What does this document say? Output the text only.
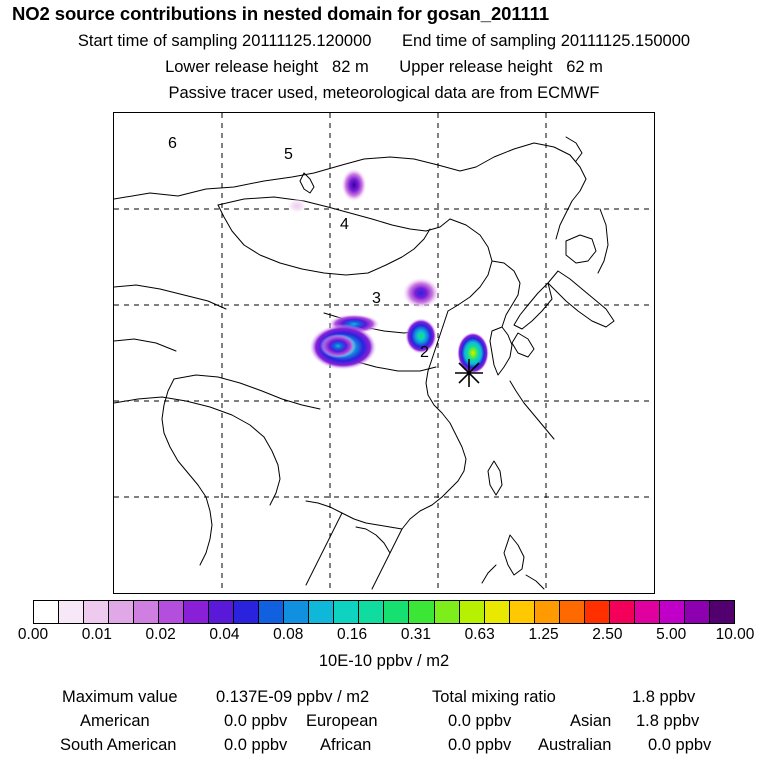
NO2 source contributions in nested domain for gosan_201111
Start time of sampling 20111125.120000 End time of sampling 20111125.150000
Lower release height 82 m Upper release height 62 m
Passive tracer used, meteorological data are from ECMWF
6
5
4
3
2
0.00 0.01 0.02 0.04 0.08 0.16 0.31 0.63 1.25 2.50 5.00 10.00
10E-10 ppbv / m2
Maximum value 0.137E-09 ppbv / m2	Total mixing ratio	1.8 ppbv
American	0.0 ppbv European	0.0 ppbv	Asian 1.8 ppbv
South American	0.0 ppbv African	0.0 ppbv Australian 0.0 ppbv
